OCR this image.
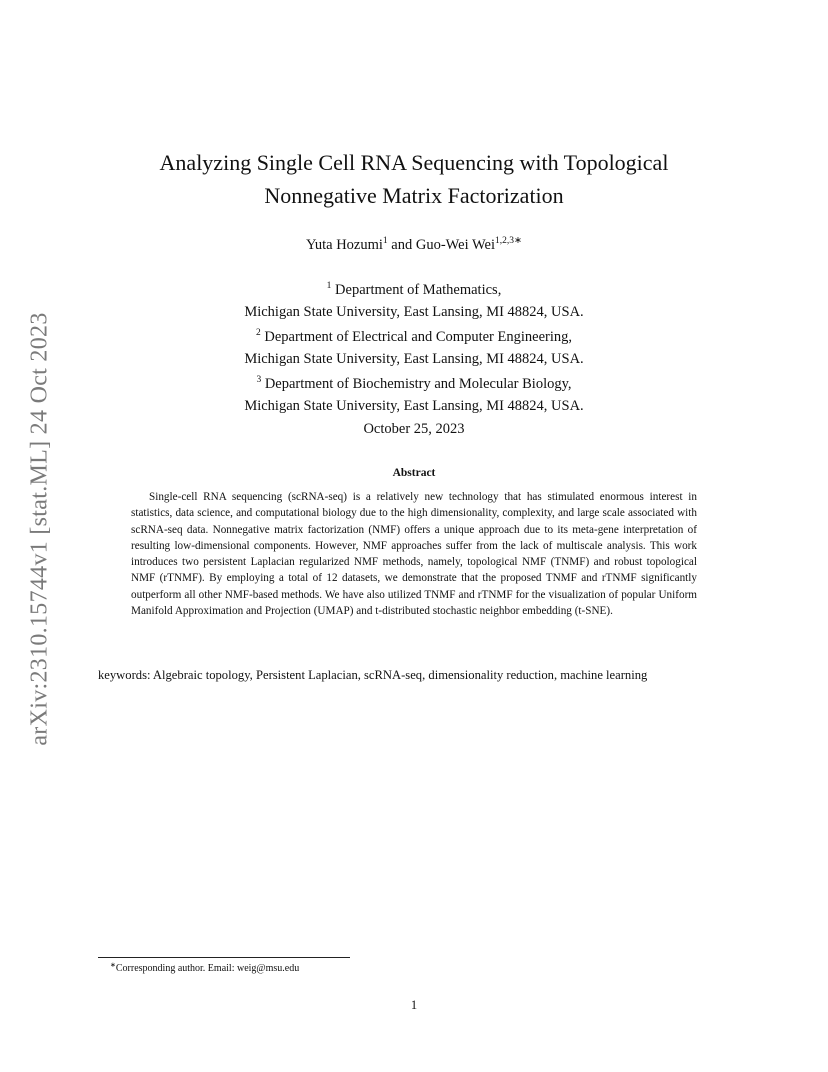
arXiv:2310.15744v1 [stat.ML] 24 Oct 2023
Analyzing Single Cell RNA Sequencing with Topological
Nonnegative Matrix Factorization
Yuta Hozumi$^1$ and Guo-Wei Wei$^{1,2,3∗}$
$^1$ Department of Mathematics,
Michigan State University, East Lansing, MI 48824, USA.
$^2$ Department of Electrical and Computer Engineering,
Michigan State University, East Lansing, MI 48824, USA.
$^3$ Department of Biochemistry and Molecular Biology,
Michigan State University, East Lansing, MI 48824, USA.
October 25, 2023
Abstract

Single-cell RNA sequencing (scRNA-seq) is a relatively new technology that has stimulated enormous interest in statistics, data science, and computational biology due to the high dimensionality, complexity, and large scale associated with scRNA-seq data. Nonnegative matrix factorization (NMF) offers a unique approach due to its meta-gene interpretation of resulting low-dimensional components. However, NMF approaches suffer from the lack of multiscale analysis. This work introduces two persistent Laplacian regularized NMF methods, namely, topological NMF (TNMF) and robust topological NMF (rTNMF). By employing a total of 12 datasets, we demonstrate that the proposed TNMF and rTNMF significantly outperform all other NMF-based methods. We have also utilized TNMF and rTNMF for the visualization of popular Uniform Manifold Approximation and Projection (UMAP) and t-distributed stochastic neighbor embedding (t-SNE).

keywords: Algebraic topology, Persistent Laplacian, scRNA-seq, dimensionality reduction, machine learning
∗Corresponding author. Email: weig@msu.edu
1
